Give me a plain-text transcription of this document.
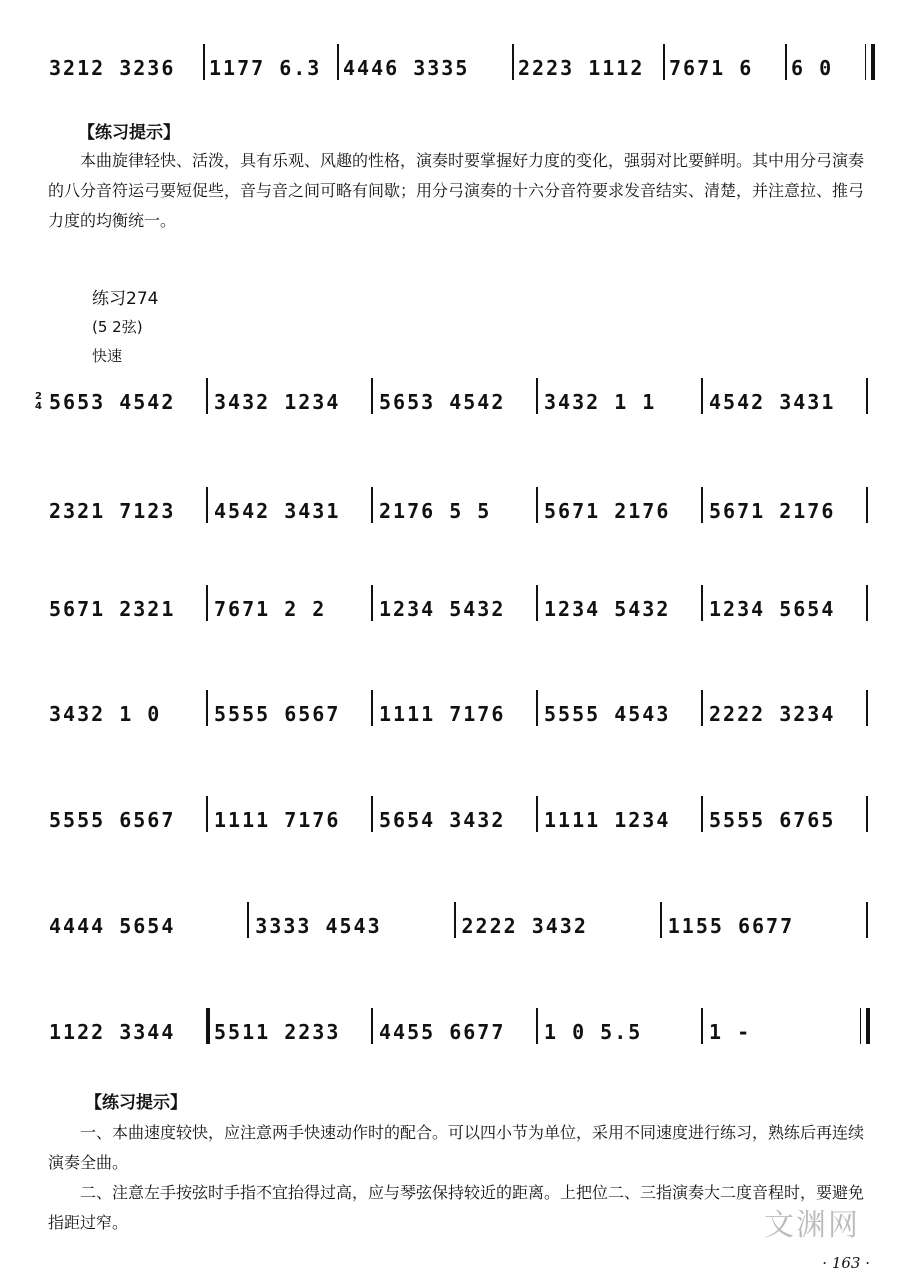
3212 3236 1177 6.3 4446 3335 2223 1112 7671 6 6 0
【练习提示】
本曲旋律轻快、活泼，具有乐观、风趣的性格，演奏时要掌握好力度的变化，强弱对比要鲜明。其中用分弓演奏的八分音符运弓要短促些，音与音之间可略有间歇；用分弓演奏的十六分音符要求发音结实、清楚，并注意拉、推弓力度的均衡统一。
练习274
(5 2弦)
快速
2
4 5653 4542 3432 1234 5653 4542 3432 1 1	4542 3431
2321 7123 4542 3431 2176 5 5	5671 2176 5671 2176
5671 2321 7671 2 2	1234 5432 1234 5432 1234 5654
3432 1 0	5555 6567 1111 7176 5555 4543 2222 3234
5555 6567 1111 7176 5654 3432 1111 1234 5555 6765
4444 5654	3333 4543	2222 3432	1155 6677
1122 3344 5511 2233 4455 6677 1 0 5.5	1 -
【练习提示】
一、本曲速度较快，应注意两手快速动作时的配合。可以四小节为单位，采用不同速度进行练习，熟练后再连续演奏全曲。
二、注意左手按弦时手指不宜抬得过高，应与琴弦保持较近的距离。上把位二、三指演奏大二度音程时，要避免指距过窄。	文渊网
· 163 ·
